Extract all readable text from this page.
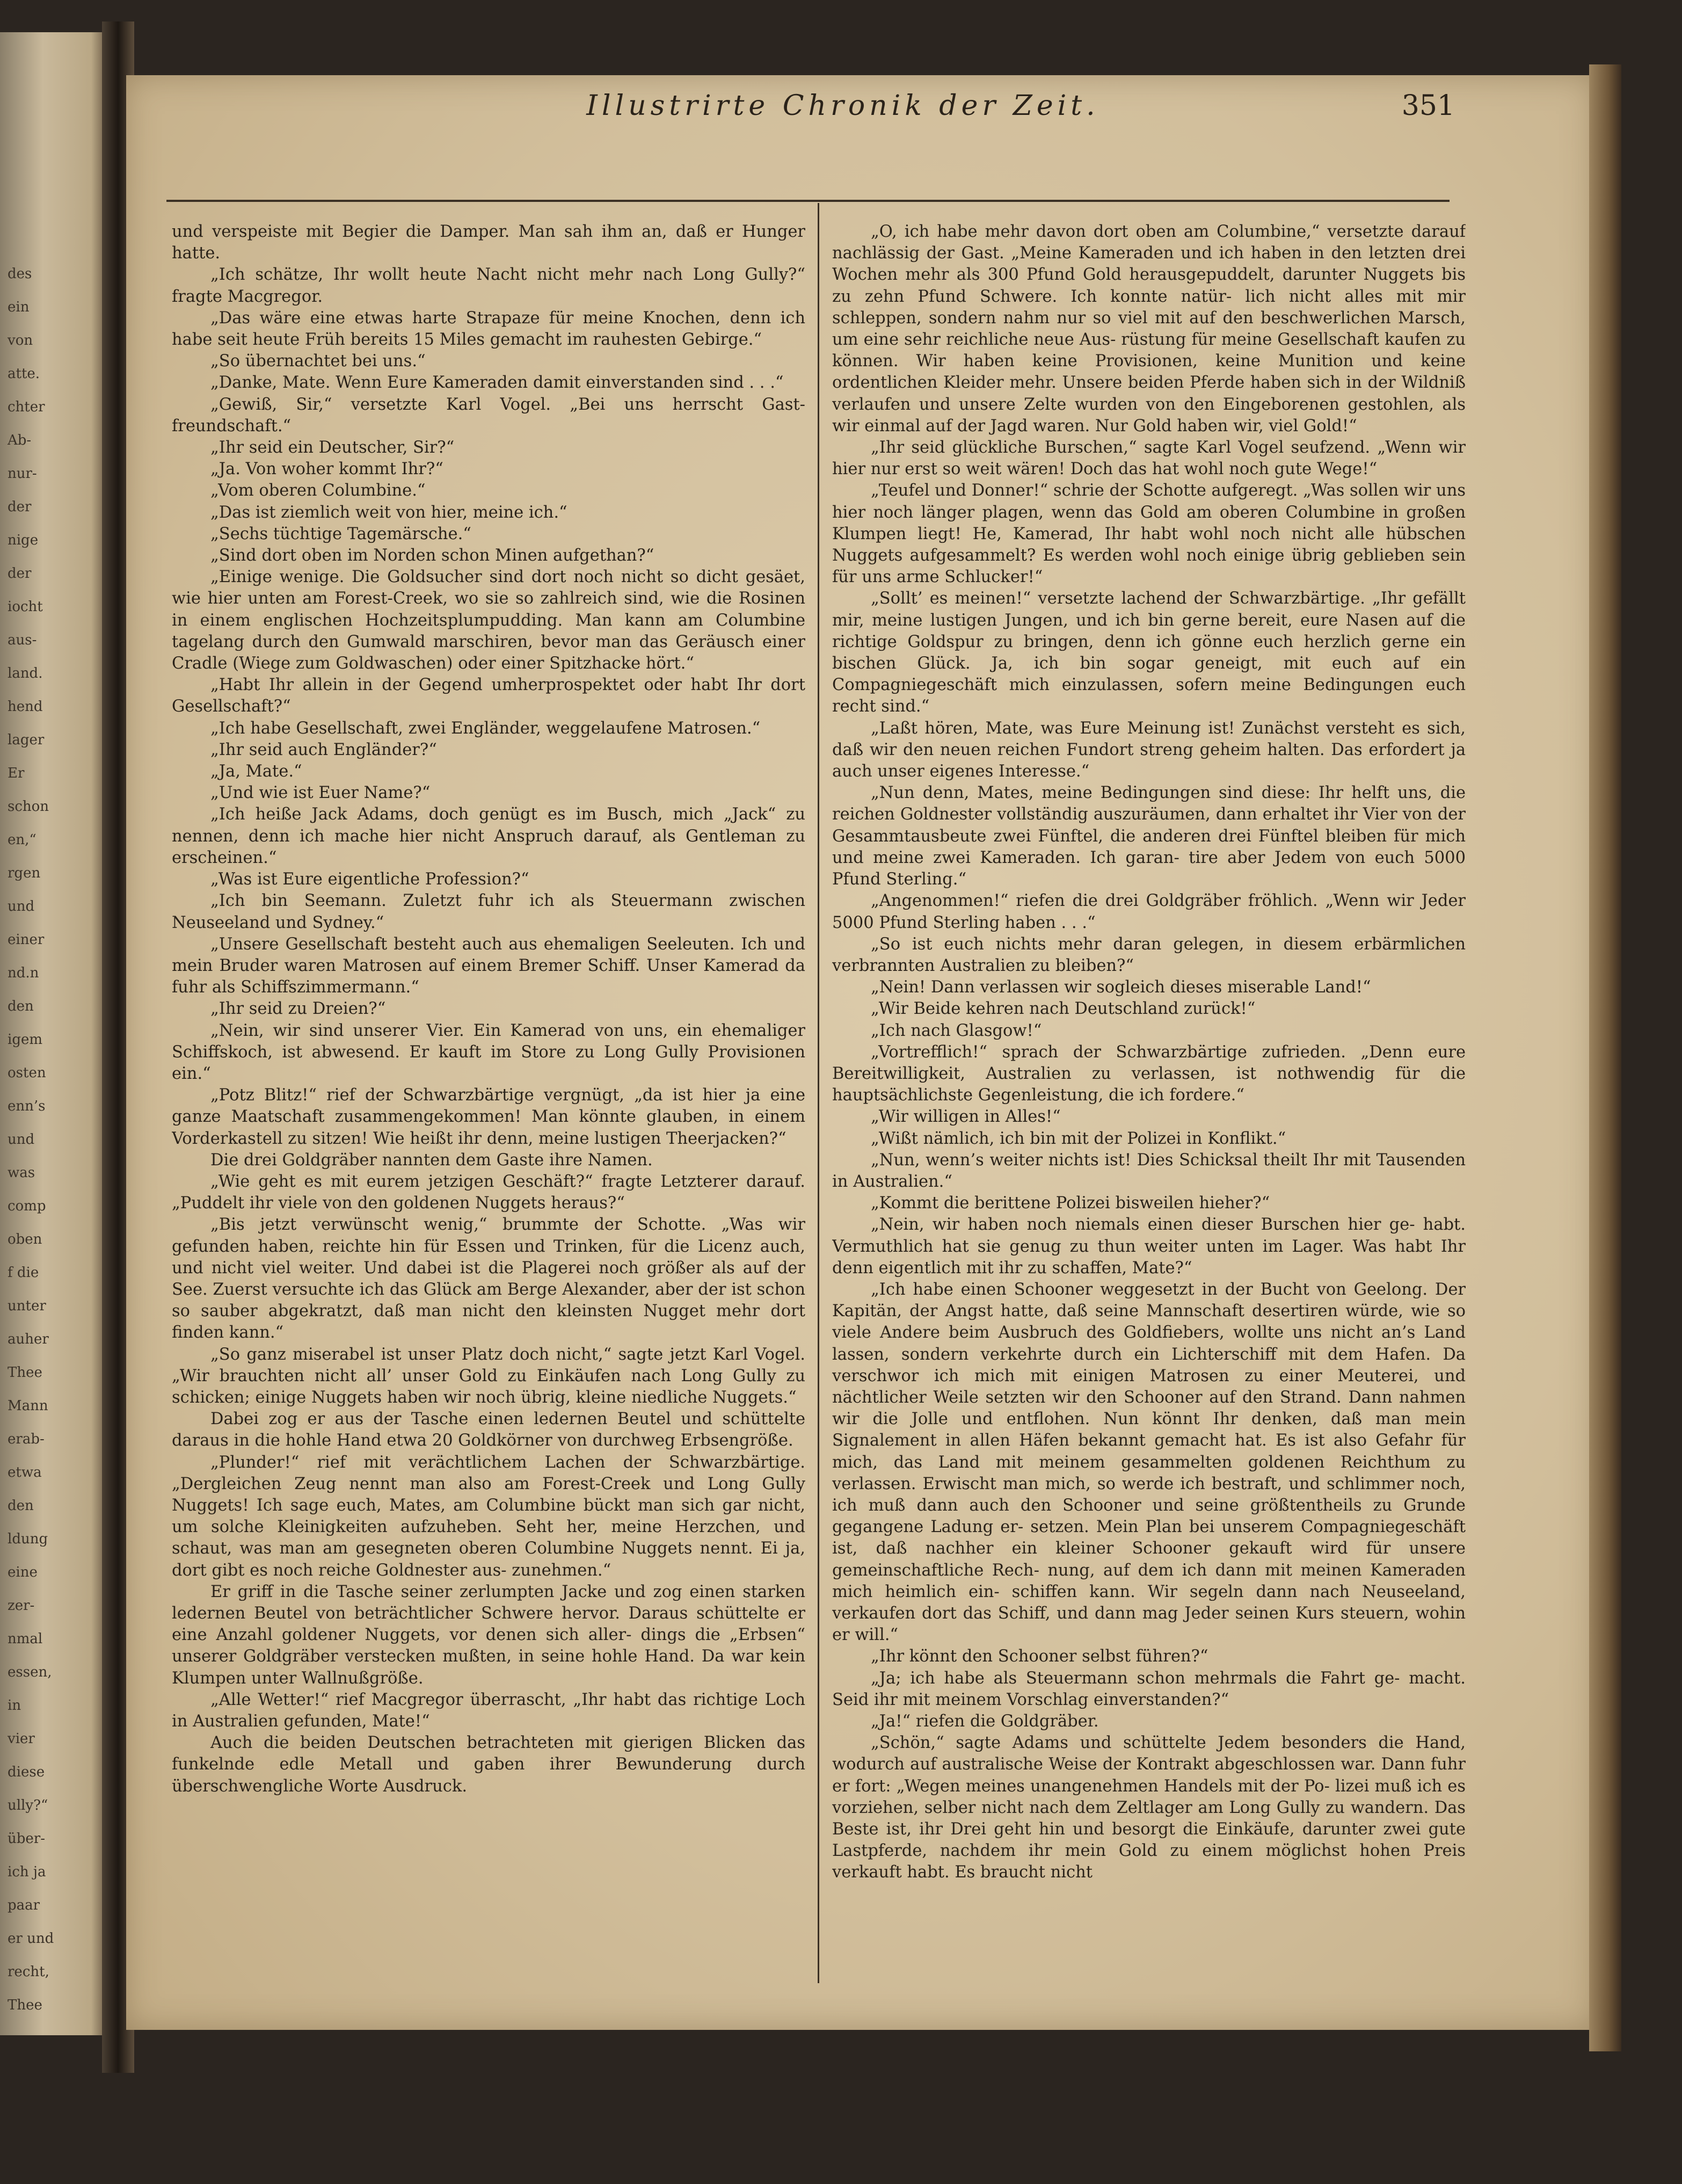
des
ein
von
atte.
chter
Ab-
nur-
der
nige
der
iocht
aus-
land.
hend
lager
Er
schon
en,“
rgen
und
einer
nd.n
den
igem
osten
enn’s
und
was
comp
oben
f die
unter
auher
Thee
Mann
erab-
etwa
den
ldung
eine
zer-
nmal
essen,
in
vier
diese
ully?“
über-
ich ja
paar
er und
recht,
Thee
Illustrirte Chronik der Zeit.	351

und verspeiste mit Begier die Damper. Man sah ihm an, daß er Hunger hatte.

„Ich schätze, Ihr wollt heute Nacht nicht mehr nach Long Gully?“ fragte Macgregor.

„Das wäre eine etwas harte Strapaze für meine Knochen, denn ich habe seit heute Früh bereits 15 Miles gemacht im rauhesten Gebirge.“

„So übernachtet bei uns.“

„Danke, Mate. Wenn Eure Kameraden damit einverstanden sind . . .“

„Gewiß, Sir,“ versetzte Karl Vogel. „Bei uns herrscht Gast- freundschaft.“

„Ihr seid ein Deutscher, Sir?“

„Ja. Von woher kommt Ihr?“

„Vom oberen Columbine.“

„Das ist ziemlich weit von hier, meine ich.“

„Sechs tüchtige Tagemärsche.“

„Sind dort oben im Norden schon Minen aufgethan?“

„Einige wenige. Die Goldsucher sind dort noch nicht so dicht gesäet, wie hier unten am Forest-Creek, wo sie so zahlreich sind, wie die Rosinen in einem englischen Hochzeitsplumpudding. Man kann am Columbine tagelang durch den Gumwald marschiren, bevor man das Geräusch einer Cradle (Wiege zum Goldwaschen) oder einer Spitzhacke hört.“

„Habt Ihr allein in der Gegend umherprospektet oder habt Ihr dort Gesellschaft?“

„Ich habe Gesellschaft, zwei Engländer, weggelaufene Matrosen.“

„Ihr seid auch Engländer?“

„Ja, Mate.“

„Und wie ist Euer Name?“

„Ich heiße Jack Adams, doch genügt es im Busch, mich „Jack“ zu nennen, denn ich mache hier nicht Anspruch darauf, als Gentleman zu erscheinen.“

„Was ist Eure eigentliche Profession?“

„Ich bin Seemann. Zuletzt fuhr ich als Steuermann zwischen Neuseeland und Sydney.“

„Unsere Gesellschaft besteht auch aus ehemaligen Seeleuten. Ich und mein Bruder waren Matrosen auf einem Bremer Schiff. Unser Kamerad da fuhr als Schiffszimmermann.“

„Ihr seid zu Dreien?“

„Nein, wir sind unserer Vier. Ein Kamerad von uns, ein ehemaliger Schiffskoch, ist abwesend. Er kauft im Store zu Long Gully Provisionen ein.“

„Potz Blitz!“ rief der Schwarzbärtige vergnügt, „da ist hier ja eine ganze Maatschaft zusammengekommen! Man könnte glauben, in einem Vorderkastell zu sitzen! Wie heißt ihr denn, meine lustigen Theerjacken?“

Die drei Goldgräber nannten dem Gaste ihre Namen.

„Wie geht es mit eurem jetzigen Geschäft?“ fragte Letzterer darauf. „Puddelt ihr viele von den goldenen Nuggets heraus?“

„Bis jetzt verwünscht wenig,“ brummte der Schotte. „Was wir gefunden haben, reichte hin für Essen und Trinken, für die Licenz auch, und nicht viel weiter. Und dabei ist die Plagerei noch größer als auf der See. Zuerst versuchte ich das Glück am Berge Alexander, aber der ist schon so sauber abgekratzt, daß man nicht den kleinsten Nugget mehr dort finden kann.“

„So ganz miserabel ist unser Platz doch nicht,“ sagte jetzt Karl Vogel. „Wir brauchten nicht all’ unser Gold zu Einkäufen nach Long Gully zu schicken; einige Nuggets haben wir noch übrig, kleine niedliche Nuggets.“

Dabei zog er aus der Tasche einen ledernen Beutel und schüttelte daraus in die hohle Hand etwa 20 Goldkörner von durchweg Erbsengröße.

„Plunder!“ rief mit verächtlichem Lachen der Schwarzbärtige. „Dergleichen Zeug nennt man also am Forest-Creek und Long Gully Nuggets! Ich sage euch, Mates, am Columbine bückt man sich gar nicht, um solche Kleinigkeiten aufzuheben. Seht her, meine Herzchen, und schaut, was man am gesegneten oberen Columbine Nuggets nennt. Ei ja, dort gibt es noch reiche Goldnester aus- zunehmen.“

Er griff in die Tasche seiner zerlumpten Jacke und zog einen starken ledernen Beutel von beträchtlicher Schwere hervor. Daraus schüttelte er eine Anzahl goldener Nuggets, vor denen sich aller- dings die „Erbsen“ unserer Goldgräber verstecken mußten, in seine hohle Hand. Da war kein Klumpen unter Wallnußgröße.

„Alle Wetter!“ rief Macgregor überrascht, „Ihr habt das richtige Loch in Australien gefunden, Mate!“

Auch die beiden Deutschen betrachteten mit gierigen Blicken das funkelnde edle Metall und gaben ihrer Bewunderung durch überschwengliche Worte Ausdruck.

„O, ich habe mehr davon dort oben am Columbine,“ versetzte darauf nachlässig der Gast. „Meine Kameraden und ich haben in den letzten drei Wochen mehr als 300 Pfund Gold herausgepuddelt, darunter Nuggets bis zu zehn Pfund Schwere. Ich konnte natür- lich nicht alles mit mir schleppen, sondern nahm nur so viel mit auf den beschwerlichen Marsch, um eine sehr reichliche neue Aus- rüstung für meine Gesellschaft kaufen zu können. Wir haben keine Provisionen, keine Munition und keine ordentlichen Kleider mehr. Unsere beiden Pferde haben sich in der Wildniß verlaufen und unsere Zelte wurden von den Eingeborenen gestohlen, als wir einmal auf der Jagd waren. Nur Gold haben wir, viel Gold!“

„Ihr seid glückliche Burschen,“ sagte Karl Vogel seufzend. „Wenn wir hier nur erst so weit wären! Doch das hat wohl noch gute Wege!“

„Teufel und Donner!“ schrie der Schotte aufgeregt. „Was sollen wir uns hier noch länger plagen, wenn das Gold am oberen Columbine in großen Klumpen liegt! He, Kamerad, Ihr habt wohl noch nicht alle hübschen Nuggets aufgesammelt? Es werden wohl noch einige übrig geblieben sein für uns arme Schlucker!“

„Sollt’ es meinen!“ versetzte lachend der Schwarzbärtige. „Ihr gefällt mir, meine lustigen Jungen, und ich bin gerne bereit, eure Nasen auf die richtige Goldspur zu bringen, denn ich gönne euch herzlich gerne ein bischen Glück. Ja, ich bin sogar geneigt, mit euch auf ein Compagniegeschäft mich einzulassen, sofern meine Bedingungen euch recht sind.“

„Laßt hören, Mate, was Eure Meinung ist! Zunächst versteht es sich, daß wir den neuen reichen Fundort streng geheim halten. Das erfordert ja auch unser eigenes Interesse.“

„Nun denn, Mates, meine Bedingungen sind diese: Ihr helft uns, die reichen Goldnester vollständig auszuräumen, dann erhaltet ihr Vier von der Gesammtausbeute zwei Fünftel, die anderen drei Fünftel bleiben für mich und meine zwei Kameraden. Ich garan- tire aber Jedem von euch 5000 Pfund Sterling.“

„Angenommen!“ riefen die drei Goldgräber fröhlich. „Wenn wir Jeder 5000 Pfund Sterling haben . . .“

„So ist euch nichts mehr daran gelegen, in diesem erbärmlichen verbrannten Australien zu bleiben?“

„Nein! Dann verlassen wir sogleich dieses miserable Land!“

„Wir Beide kehren nach Deutschland zurück!“

„Ich nach Glasgow!“

„Vortrefflich!“ sprach der Schwarzbärtige zufrieden. „Denn eure Bereitwilligkeit, Australien zu verlassen, ist nothwendig für die hauptsächlichste Gegenleistung, die ich fordere.“

„Wir willigen in Alles!“

„Wißt nämlich, ich bin mit der Polizei in Konflikt.“

„Nun, wenn’s weiter nichts ist! Dies Schicksal theilt Ihr mit Tausenden in Australien.“

„Kommt die berittene Polizei bisweilen hieher?“

„Nein, wir haben noch niemals einen dieser Burschen hier ge- habt. Vermuthlich hat sie genug zu thun weiter unten im Lager. Was habt Ihr denn eigentlich mit ihr zu schaffen, Mate?“

„Ich habe einen Schooner weggesetzt in der Bucht von Geelong. Der Kapitän, der Angst hatte, daß seine Mannschaft desertiren würde, wie so viele Andere beim Ausbruch des Goldfiebers, wollte uns nicht an’s Land lassen, sondern verkehrte durch ein Lichterschiff mit dem Hafen. Da verschwor ich mich mit einigen Matrosen zu einer Meuterei, und nächtlicher Weile setzten wir den Schooner auf den Strand. Dann nahmen wir die Jolle und entflohen. Nun könnt Ihr denken, daß man mein Signalement in allen Häfen bekannt gemacht hat. Es ist also Gefahr für mich, das Land mit meinem gesammelten goldenen Reichthum zu verlassen. Erwischt man mich, so werde ich bestraft, und schlimmer noch, ich muß dann auch den Schooner und seine größtentheils zu Grunde gegangene Ladung er- setzen. Mein Plan bei unserem Compagniegeschäft ist, daß nachher ein kleiner Schooner gekauft wird für unsere gemeinschaftliche Rech- nung, auf dem ich dann mit meinen Kameraden mich heimlich ein- schiffen kann. Wir segeln dann nach Neuseeland, verkaufen dort das Schiff, und dann mag Jeder seinen Kurs steuern, wohin er will.“

„Ihr könnt den Schooner selbst führen?“

„Ja; ich habe als Steuermann schon mehrmals die Fahrt ge- macht. Seid ihr mit meinem Vorschlag einverstanden?“

„Ja!“ riefen die Goldgräber.

„Schön,“ sagte Adams und schüttelte Jedem besonders die Hand, wodurch auf australische Weise der Kontrakt abgeschlossen war. Dann fuhr er fort: „Wegen meines unangenehmen Handels mit der Po- lizei muß ich es vorziehen, selber nicht nach dem Zeltlager am Long Gully zu wandern. Das Beste ist, ihr Drei geht hin und besorgt die Einkäufe, darunter zwei gute Lastpferde, nachdem ihr mein Gold zu einem möglichst hohen Preis verkauft habt. Es braucht nicht
